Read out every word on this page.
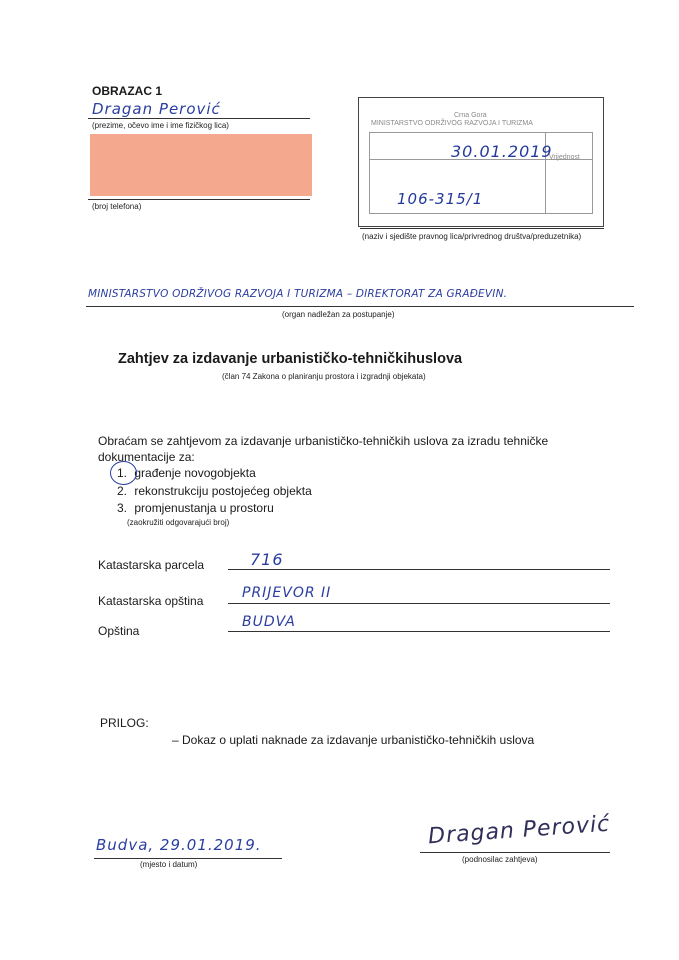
OBRAZAC 1
Dragan Perović
(prezime, očevo ime i ime fizičkog lica)
(broj telefona)
Crna Gora
MINISTARSTVO ODRŽIVOG RAZVOJA I TURIZMA
Vrijednost
30.01.2019
106-315/1
(naziv i sjedište pravnog lica/privrednog društva/preduzetnika)
MINISTARSTVO ODRŽIVOG RAZVOJA I TURIZMA – DIREKTORAT ZA GRAĐEVIN.
(organ nadležan za postupanje)
Zahtjev za izdavanje urbanističko-tehničkihuslova
(član 74 Zakona o planiranju prostora i izgradnji objekata)
Obraćam se zahtjevom za izdavanje urbanističko-tehničkih uslova za izradu tehničke
dokumentacije za:
1. građenje novogobjekta
2. rekonstrukciju postojećeg objekta
3. promjenustanja u prostoru
(zaokružiti odgovarajući broj)
Katastarska parcela	716
Katastarska opština	PRIJEVOR II
Opština
BUDVA
PRILOG:
– Dokaz o uplati naknade za izdavanje urbanističko-tehničkih uslova
Budva, 29.01.2019.
(mjesto i datum)
Dragan Perović
(podnosilac zahtjeva)
